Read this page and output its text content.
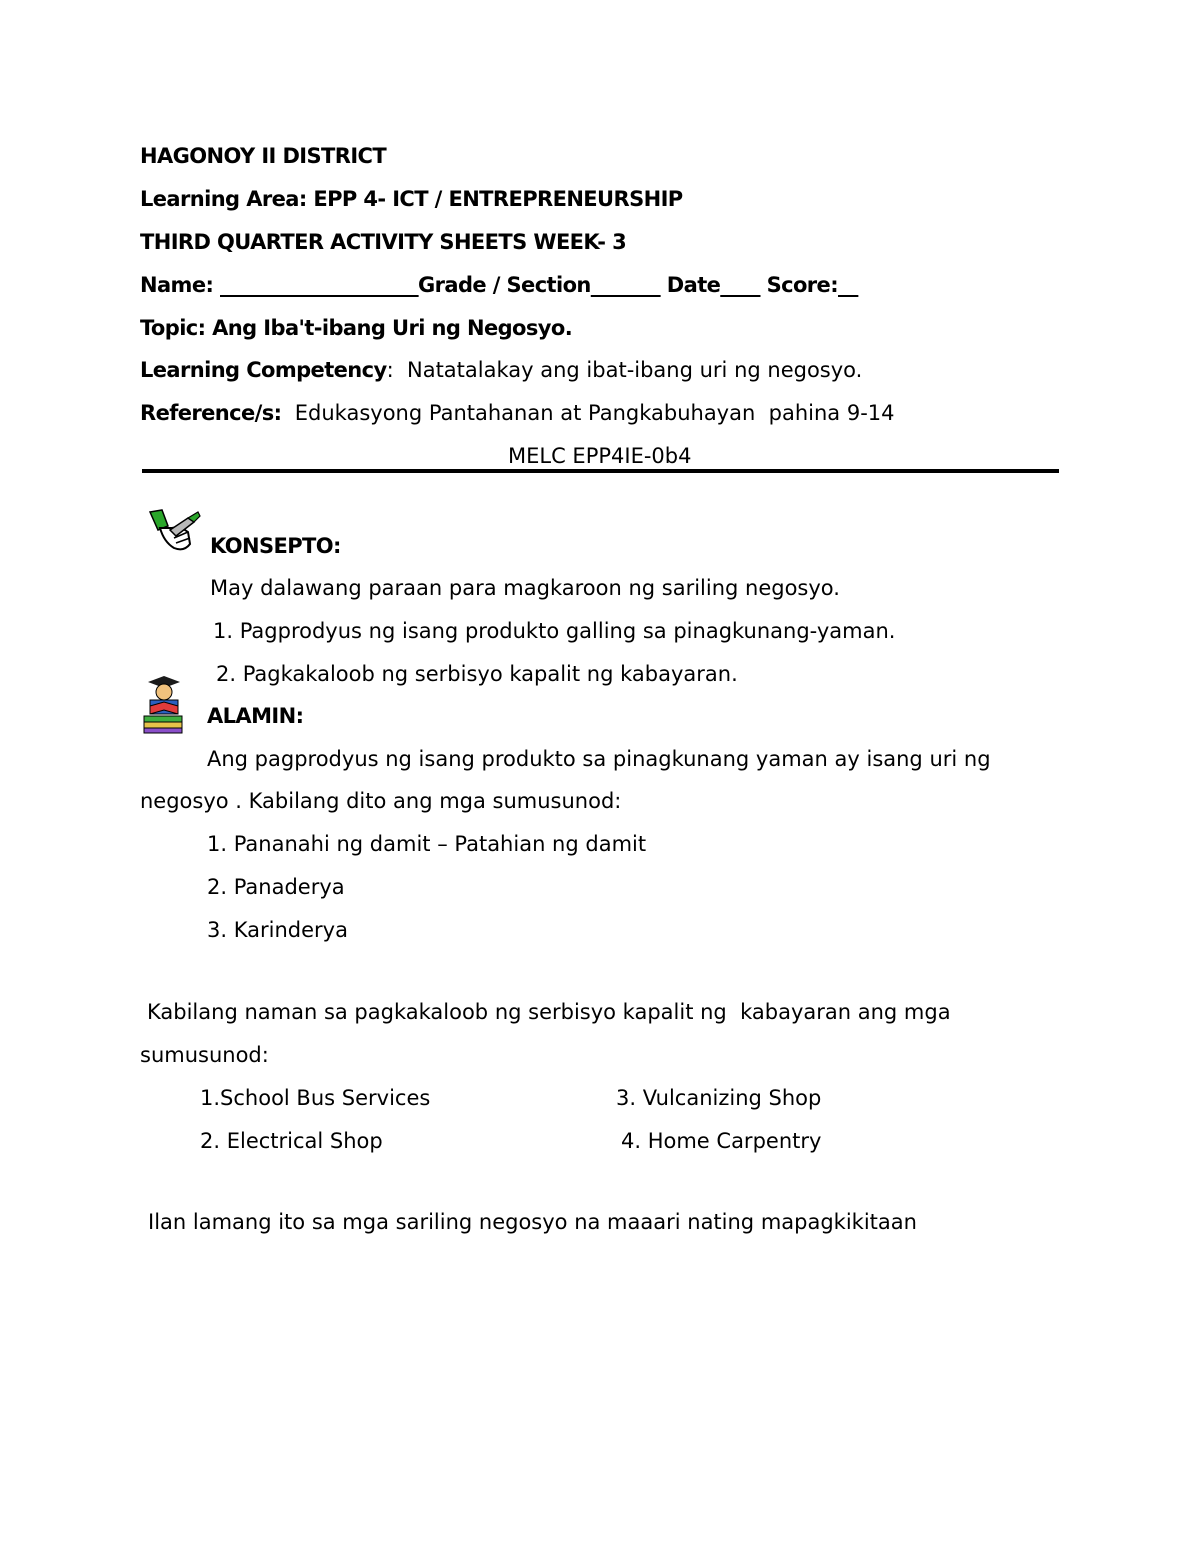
HAGONOY II DISTRICT
Learning Area: EPP 4- ICT / ENTREPRENEURSHIP
THIRD QUARTER ACTIVITY SHEETS WEEK- 3
Name: ____________________Grade / Section_______ Date____ Score:__
Topic: Ang Iba't-ibang Uri ng Negosyo.
Learning Competency:  Natatalakay ang ibat-ibang uri ng negosyo.
Reference/s:  Edukasyong Pantahanan at Pangkabuhayan  pahina 9-14
MELC EPP4IE-0b4
KONSEPTO:
May dalawang paraan para magkaroon ng sariling negosyo.
1. Pagprodyus ng isang produkto galling sa pinagkunang-yaman.
2. Pagkakaloob ng serbisyo kapalit ng kabayaran.
ALAMIN:
Ang pagprodyus ng isang produkto sa pinagkunang yaman ay isang uri ng
negosyo . Kabilang dito ang mga sumusunod:
1. Pananahi ng damit – Patahian ng damit
2. Panaderya
3. Karinderya
Kabilang naman sa pagkakaloob ng serbisyo kapalit ng  kabayaran ang mga
sumusunod:
1.School Bus Services
2. Electrical Shop
3. Vulcanizing Shop
4. Home Carpentry
Ilan lamang ito sa mga sariling negosyo na maaari nating mapagkikitaan
